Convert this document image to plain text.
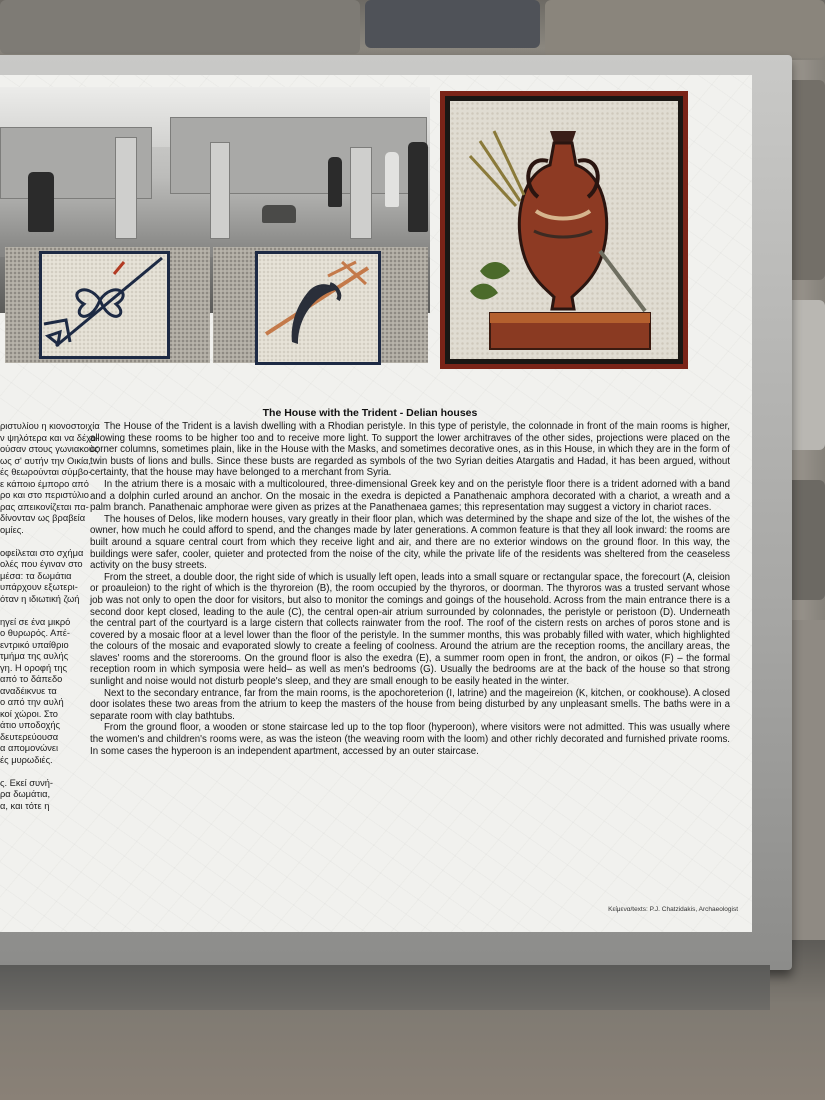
The House with the Trident - Delian houses

ριστυλίου η κιονοστοιχία

ν ψηλότερα και να δέχο-

ούσαν στους γωνιακούς

ως σ' αυτήν την Οικία,

ές θεωρούνται σύμβο-

ε κάποιο έμπορο από

ρο και στο περιστύλιο

ρας απεικονίζεται πα-

δίνονταν ως βραβεία

ομίες.

οφείλεται στο σχήμα

ολές που έγιναν στο

μέσα: τα δωμάτια

υπάρχουν εξωτερι-

όταν η ιδιωτική ζωή

ηγεί σε ένα μικρό

ο θυρωρός. Απέ-

εντρικό υπαίθριο

τμήμα της αυλής

γη. Η οροφή της

από το δάπεδο

αναδέικνυε τα

ο από την αυλή

κοί χώροι. Στο

άτιο υποδοχής

δευτερεύουσα

α απομονώνει

ές μυρωδιές.

ς. Εκεί συνή-

ρα δωμάτια,

α, και τότε η

The House of the Trident is a lavish dwelling with a Rhodian peristyle. In this type of peristyle, the colonnade in front of the main rooms is higher, allowing these rooms to be higher too and to receive more light. To support the lower architraves of the other sides, projections were placed on the corner columns, sometimes plain, like in the House with the Masks, and sometimes decorative ones, as in this House, in which they are in the form of twin busts of lions and bulls. Since these busts are regarded as symbols of the two Syrian deities Atargatis and Hadad, it has been argued, without certainty, that the house may have belonged to a merchant from Syria.

In the atrium there is a mosaic with a multicoloured, three-dimensional Greek key and on the peristyle floor there is a trident adorned with a band and a dolphin curled around an anchor. On the mosaic in the exedra is depicted a Panathenaic amphora decorated with a chariot, a wreath and a palm branch. Panathenaic amphorae were given as prizes at the Panathenaea games; this representation may suggest a victory in chariot races.

The houses of Delos, like modern houses, vary greatly in their floor plan, which was determined by the shape and size of the lot, the wishes of the owner, how much he could afford to spend, and the changes made by later generations. A common feature is that they all look inward: the rooms are built around a square central court from which they receive light and air, and there are no exterior windows on the ground floor. In this way, the buildings were safer, cooler, quieter and protected from the noise of the city, while the private life of the residents was sheltered from the ceaseless activity on the busy streets.

From the street, a double door, the right side of which is usually left open, leads into a small square or rectangular space, the forecourt (A, cleision or proauleion) to the right of which is the thyroreion (B), the room occupied by the thyroros, or doorman. The thyroros was a trusted servant whose job was not only to open the door for visitors, but also to monitor the comings and goings of the household. Across from the main entrance there is a second door kept closed, leading to the aule (C), the central open-air atrium surrounded by colonnades, the peristyle or peristoon (D). Underneath the central part of the courtyard is a large cistern that collects rainwater from the roof. The roof of the cistern rests on arches of poros stone and is covered by a mosaic floor at a level lower than the floor of the peristyle. In the summer months, this was probably filled with water, which highlighted the colours of the mosaic and evaporated slowly to create a feeling of coolness. Around the atrium are the reception rooms, the ancillary areas, the slaves' rooms and the storerooms. On the ground floor is also the exedra (E), a summer room open in front, the andron, or oikos (F) – the formal reception room in which symposia were held– as well as men's bedrooms (G). Usually the bedrooms are at the back of the house so that strong sunlight and noise would not disturb people's sleep, and they are small enough to be easily heated in the winter.

Next to the secondary entrance, far from the main rooms, is the apochoreterion (I, latrine) and the mageireion (K, kitchen, or cookhouse). A closed door isolates these two areas from the atrium to keep the masters of the house from being disturbed by any unpleasant smells. The baths were in a separate room with clay bathtubs.

From the ground floor, a wooden or stone staircase led up to the top floor (hyperoon), where visitors were not admitted. This was usually where the women's and children's rooms were, as was the isteon (the weaving room with the loom) and other richly decorated and furnished private rooms. In some cases the hyperoon is an independent apartment, accessed by an outer staircase.

Κείμενα/texts: P.J. Chatzidakis, Archaeologist
